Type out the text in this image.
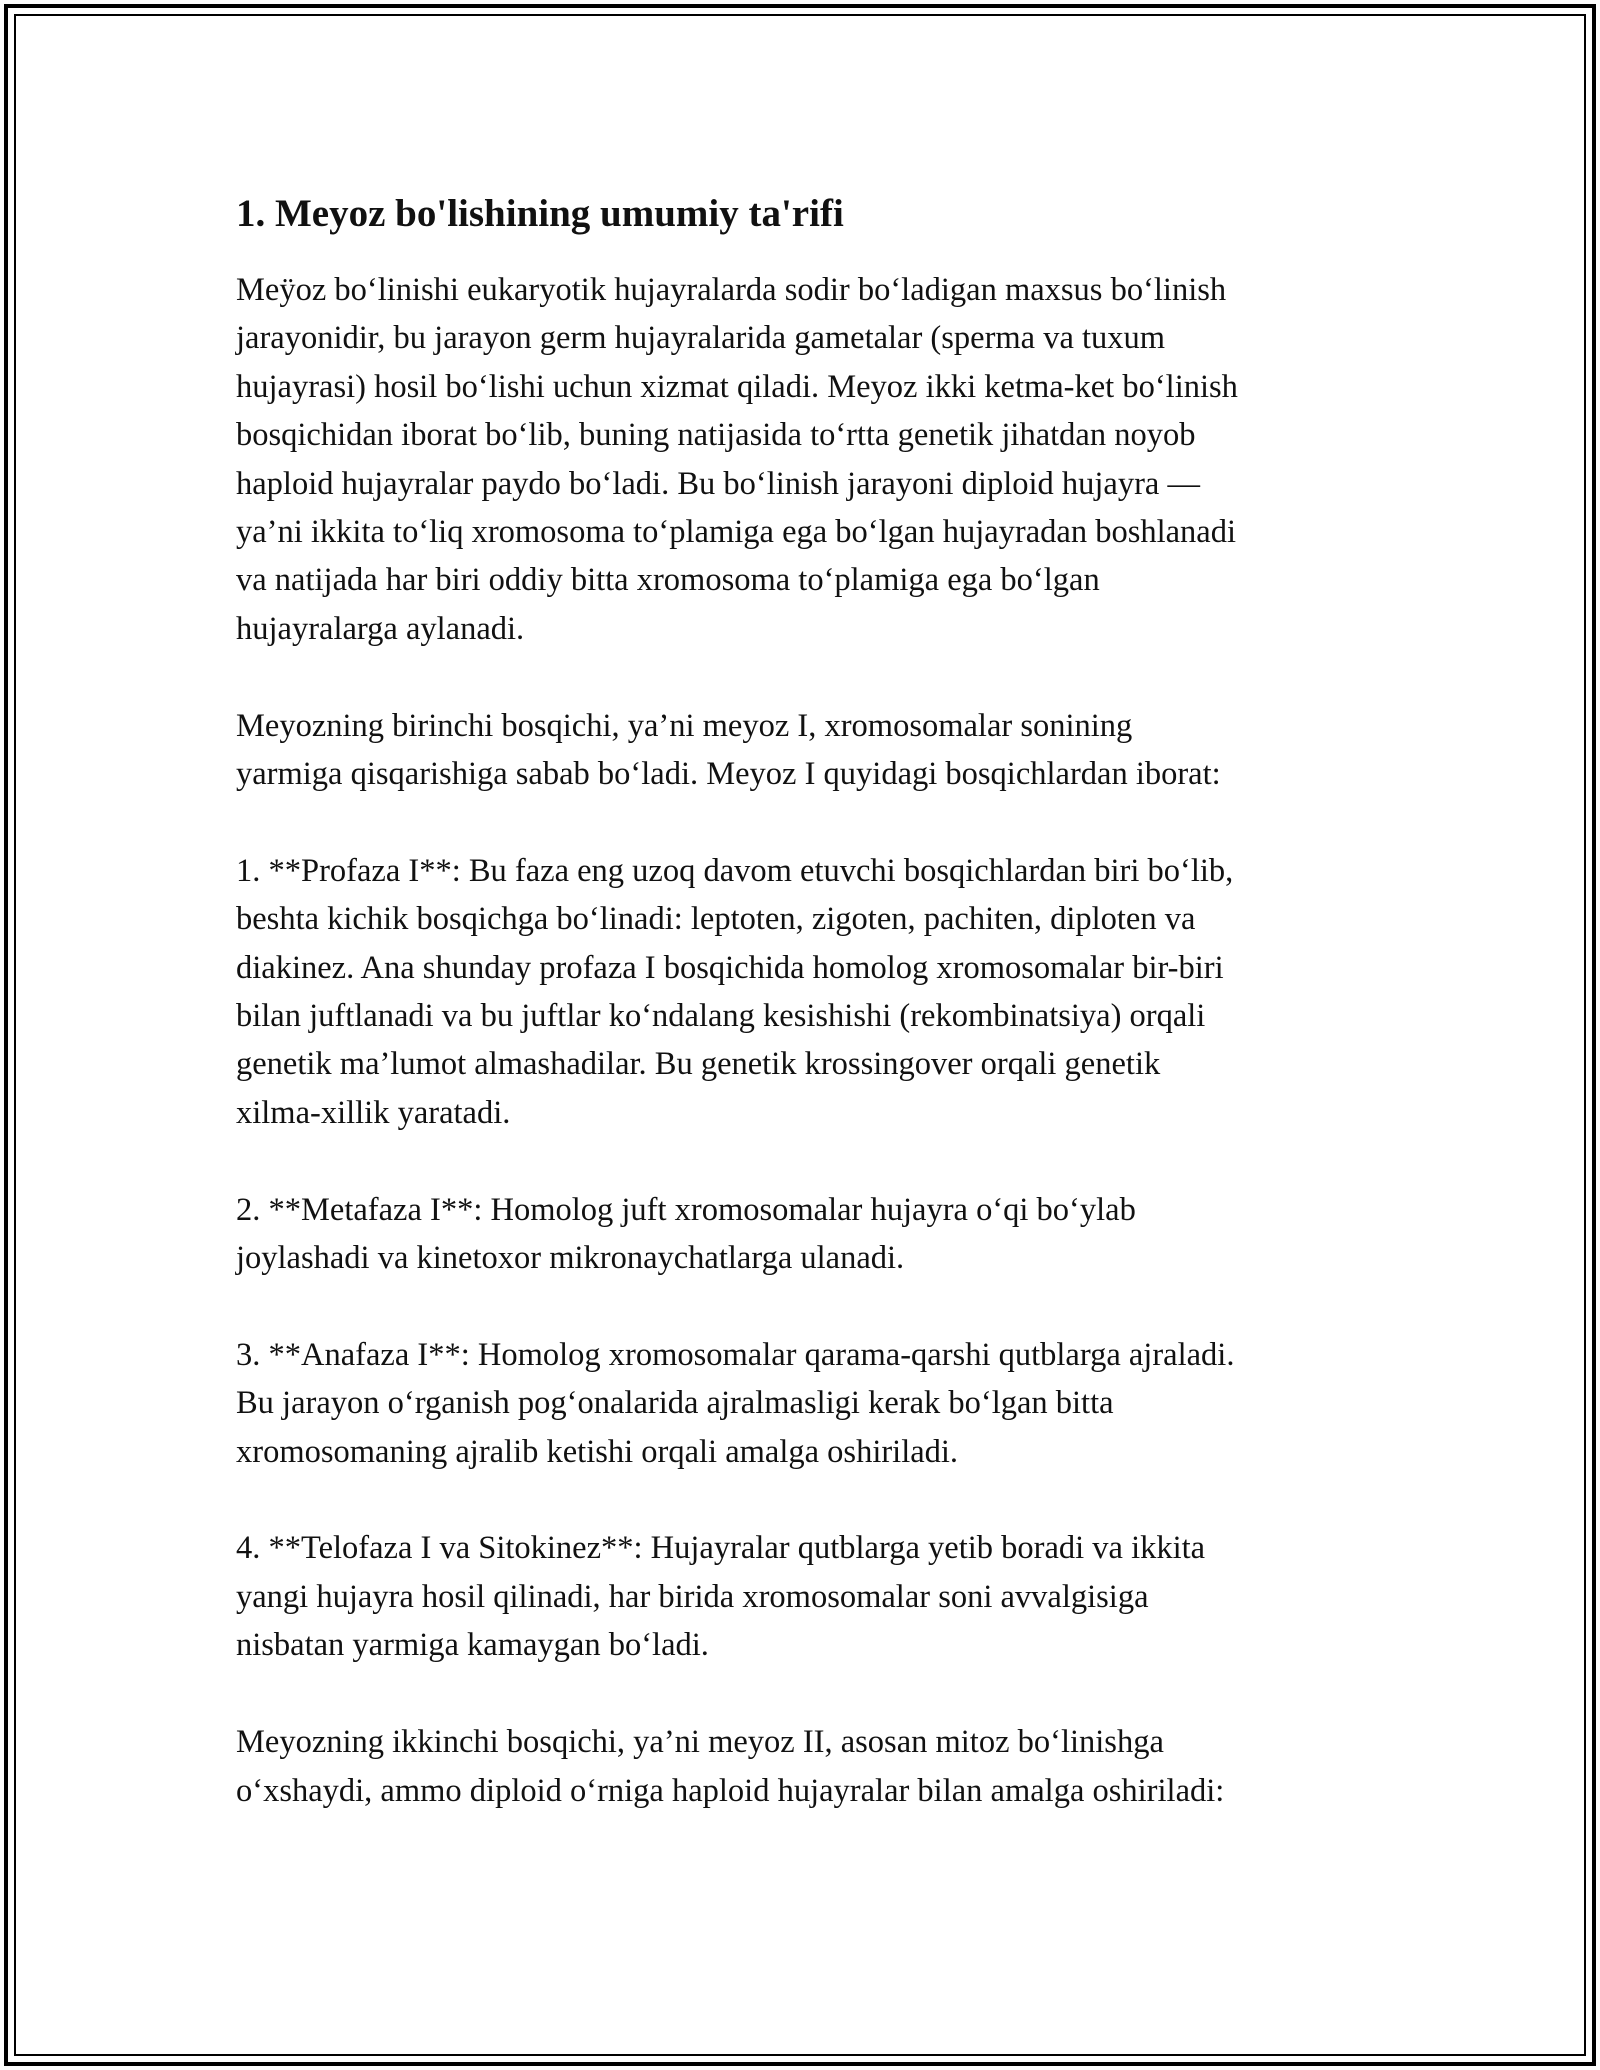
1. Meyoz bo'lishining umumiy ta'rifi

Meÿoz boʻlinishi eukaryotik hujayralarda sodir boʻladigan maxsus boʻlinish
jarayonidir, bu jarayon germ hujayralarida gametalar (sperma va tuxum
hujayrasi) hosil boʻlishi uchun xizmat qiladi. Meyoz ikki ketma-ket boʻlinish
bosqichidan iborat boʻlib, buning natijasida toʻrtta genetik jihatdan noyob
haploid hujayralar paydo boʻladi. Bu boʻlinish jarayoni diploid hujayra —
ya’ni ikkita toʻliq xromosoma toʻplamiga ega boʻlgan hujayradan boshlanadi
va natijada har biri oddiy bitta xromosoma toʻplamiga ega boʻlgan
hujayralarga aylanadi.

Meyozning birinchi bosqichi, ya’ni meyoz I, xromosomalar sonining
yarmiga qisqarishiga sabab boʻladi. Meyoz I quyidagi bosqichlardan iborat:

1. **Profaza I**: Bu faza eng uzoq davom etuvchi bosqichlardan biri boʻlib,
beshta kichik bosqichga boʻlinadi: leptoten, zigoten, pachiten, diploten va
diakinez. Ana shunday profaza I bosqichida homolog xromosomalar bir-biri
bilan juftlanadi va bu juftlar koʻndalang kesishishi (rekombinatsiya) orqali
genetik ma’lumot almashadilar. Bu genetik krossingover orqali genetik
xilma-xillik yaratadi.

2. **Metafaza I**: Homolog juft xromosomalar hujayra oʻqi boʻylab
joylashadi va kinetoxor mikronaychatlarga ulanadi.

3. **Anafaza I**: Homolog xromosomalar qarama-qarshi qutblarga ajraladi.
Bu jarayon oʻrganish pogʻonalarida ajralmasligi kerak boʻlgan bitta
xromosomaning ajralib ketishi orqali amalga oshiriladi.

4. **Telofaza I va Sitokinez**: Hujayralar qutblarga yetib boradi va ikkita
yangi hujayra hosil qilinadi, har birida xromosomalar soni avvalgisiga
nisbatan yarmiga kamaygan boʻladi.

Meyozning ikkinchi bosqichi, ya’ni meyoz II, asosan mitoz boʻlinishga
oʻxshaydi, ammo diploid oʻrniga haploid hujayralar bilan amalga oshiriladi:
